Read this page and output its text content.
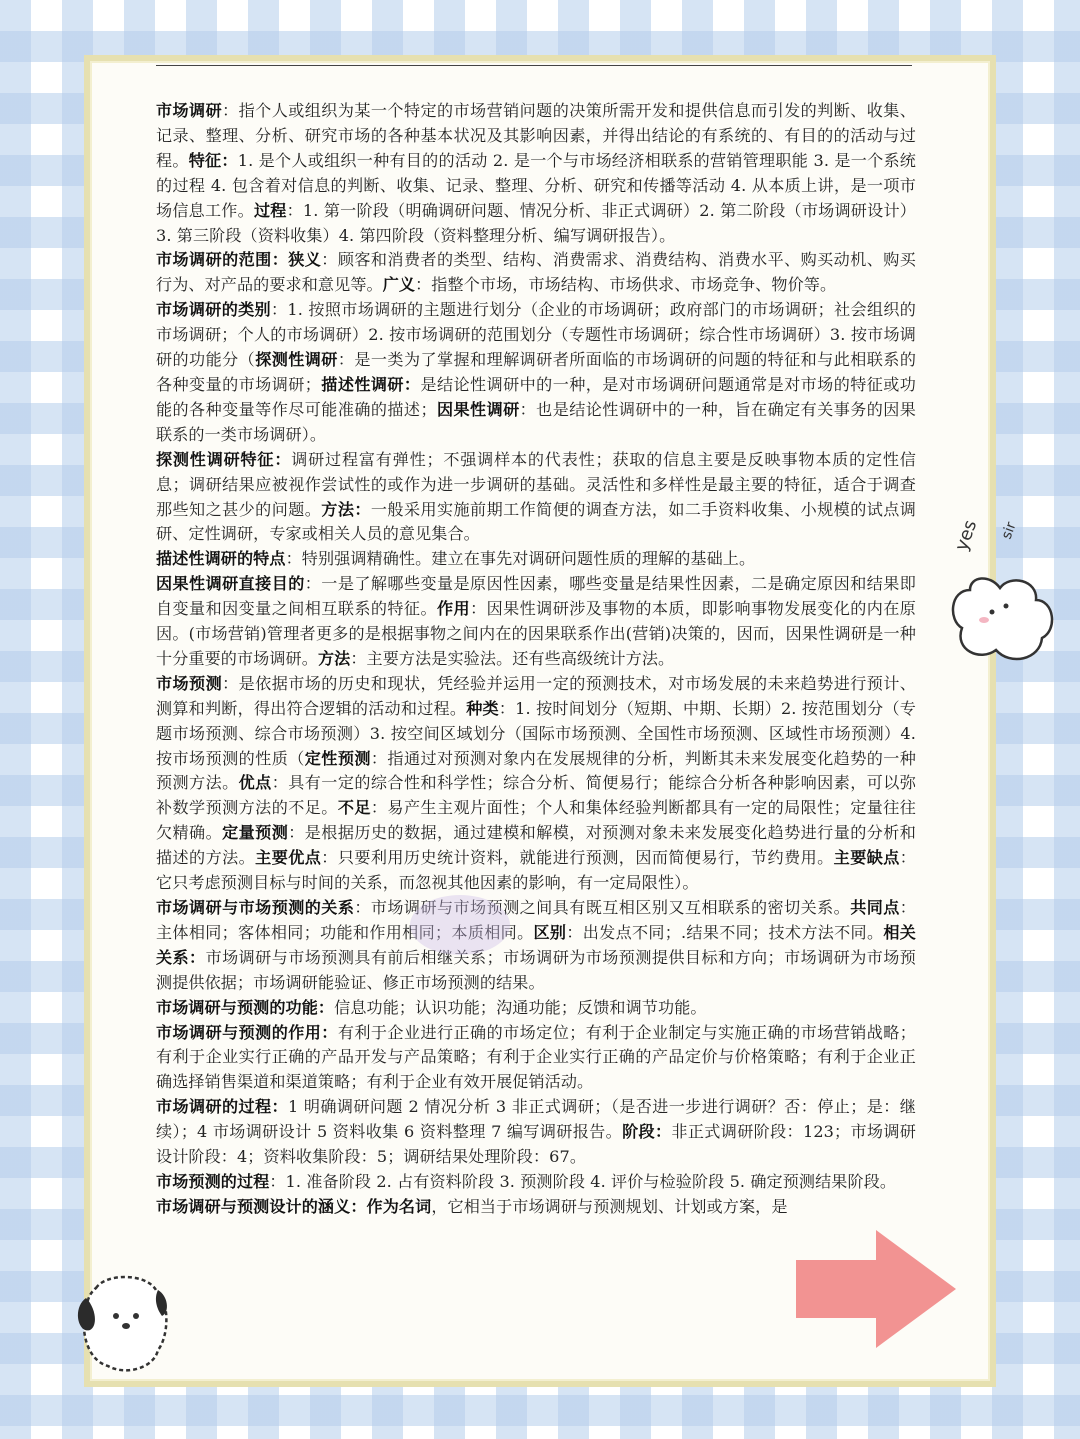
市场调研：指个人或组织为某一个特定的市场营销问题的决策所需开发和提供信息而引发的判断、收集、记录、整理、分析、研究市场的各种基本状况及其影响因素，并得出结论的有系统的、有目的的活动与过程。特征：1. 是个人或组织一种有目的的活动 2. 是一个与市场经济相联系的营销管理职能 3. 是一个系统的过程 4. 包含着对信息的判断、收集、记录、整理、分析、研究和传播等活动 4. 从本质上讲，是一项市场信息工作。过程：1. 第一阶段（明确调研问题、情况分析、非正式调研）2. 第二阶段（市场调研设计）3. 第三阶段（资料收集）4. 第四阶段（资料整理分析、编写调研报告）。

市场调研的范围：狭义：顾客和消费者的类型、结构、消费需求、消费结构、消费水平、购买动机、购买行为、对产品的要求和意见等。广义：指整个市场，市场结构、市场供求、市场竞争、物价等。

市场调研的类别：1. 按照市场调研的主题进行划分（企业的市场调研；政府部门的市场调研；社会组织的市场调研；个人的市场调研）2. 按市场调研的范围划分（专题性市场调研；综合性市场调研）3. 按市场调研的功能分（探测性调研：是一类为了掌握和理解调研者所面临的市场调研的问题的特征和与此相联系的各种变量的市场调研；描述性调研：是结论性调研中的一种，是对市场调研问题通常是对市场的特征或功能的各种变量等作尽可能准确的描述；因果性调研：也是结论性调研中的一种，旨在确定有关事务的因果联系的一类市场调研）。

探测性调研特征：调研过程富有弹性；不强调样本的代表性；获取的信息主要是反映事物本质的定性信息；调研结果应被视作尝试性的或作为进一步调研的基础。灵活性和多样性是最主要的特征，适合于调查那些知之甚少的问题。方法：一般采用实施前期工作简便的调查方法，如二手资料收集、小规模的试点调研、定性调研，专家或相关人员的意见集合。

描述性调研的特点：特别强调精确性。建立在事先对调研问题性质的理解的基础上。

因果性调研直接目的：一是了解哪些变量是原因性因素，哪些变量是结果性因素，二是确定原因和结果即自变量和因变量之间相互联系的特征。作用：因果性调研涉及事物的本质，即影响事物发展变化的内在原因。(市场营销)管理者更多的是根据事物之间内在的因果联系作出(营销)决策的，因而，因果性调研是一种十分重要的市场调研。方法：主要方法是实验法。还有些高级统计方法。

市场预测：是依据市场的历史和现状，凭经验并运用一定的预测技术，对市场发展的未来趋势进行预计、测算和判断，得出符合逻辑的活动和过程。种类：1. 按时间划分（短期、中期、长期）2. 按范围划分（专题市场预测、综合市场预测）3. 按空间区域划分（国际市场预测、全国性市场预测、区域性市场预测）4. 按市场预测的性质（定性预测：指通过对预测对象内在发展规律的分析，判断其未来发展变化趋势的一种预测方法。优点：具有一定的综合性和科学性；综合分析、简便易行；能综合分析各种影响因素，可以弥补数学预测方法的不足。不足：易产生主观片面性；个人和集体经验判断都具有一定的局限性；定量往往欠精确。定量预测：是根据历史的数据，通过建模和解模，对预测对象未来发展变化趋势进行量的分析和描述的方法。主要优点：只要利用历史统计资料，就能进行预测，因而简便易行，节约费用。主要缺点：它只考虑预测目标与时间的关系，而忽视其他因素的影响，有一定局限性）。

市场调研与市场预测的关系：市场调研与市场预测之间具有既互相区别又互相联系的密切关系。共同点：主体相同；客体相同；功能和作用相同；本质相同。区别：出发点不同；.结果不同；技术方法不同。相关关系：市场调研与市场预测具有前后相继关系；市场调研为市场预测提供目标和方向；市场调研为市场预测提供依据；市场调研能验证、修正市场预测的结果。

市场调研与预测的功能：信息功能；认识功能；沟通功能；反馈和调节功能。

市场调研与预测的作用：有利于企业进行正确的市场定位；有利于企业制定与实施正确的市场营销战略；有利于企业实行正确的产品开发与产品策略；有利于企业实行正确的产品定价与价格策略；有利于企业正确选择销售渠道和渠道策略；有利于企业有效开展促销活动。

市场调研的过程：1 明确调研问题 2 情况分析 3 非正式调研；（是否进一步进行调研？否：停止；是：继续）；4 市场调研设计 5 资料收集 6 资料整理 7 编写调研报告。阶段：非正式调研阶段：123；市场调研设计阶段：4；资料收集阶段：5；调研结果处理阶段：67。

市场预测的过程：1. 准备阶段 2. 占有资料阶段 3. 预测阶段 4. 评价与检验阶段 5. 确定预测结果阶段。

市场调研与预测设计的涵义：作为名词，它相当于市场调研与预测规划、计划或方案，是

yes sir
